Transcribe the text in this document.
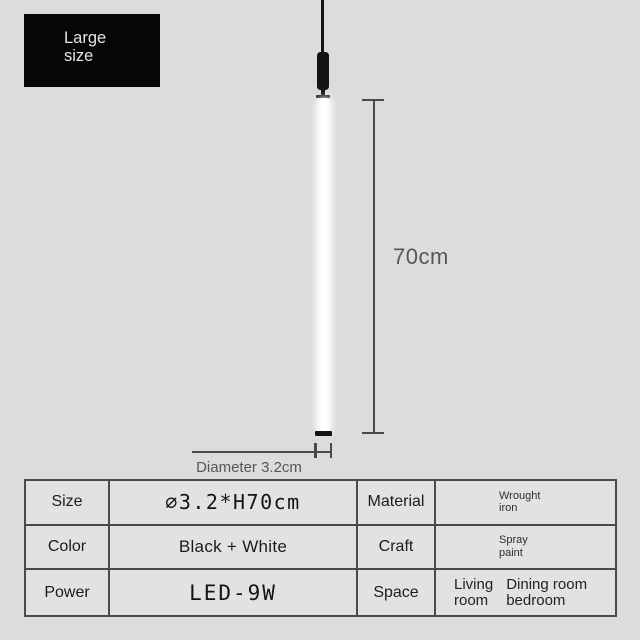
Large
size
70cm
Diameter 3.2cm
Size	∅3.2*H70cm	Material	Wrought
iron
Color	Black + White	Craft	Spray
paint
Power	LED-9W	Space	Living
room
Dining room
bedroom
